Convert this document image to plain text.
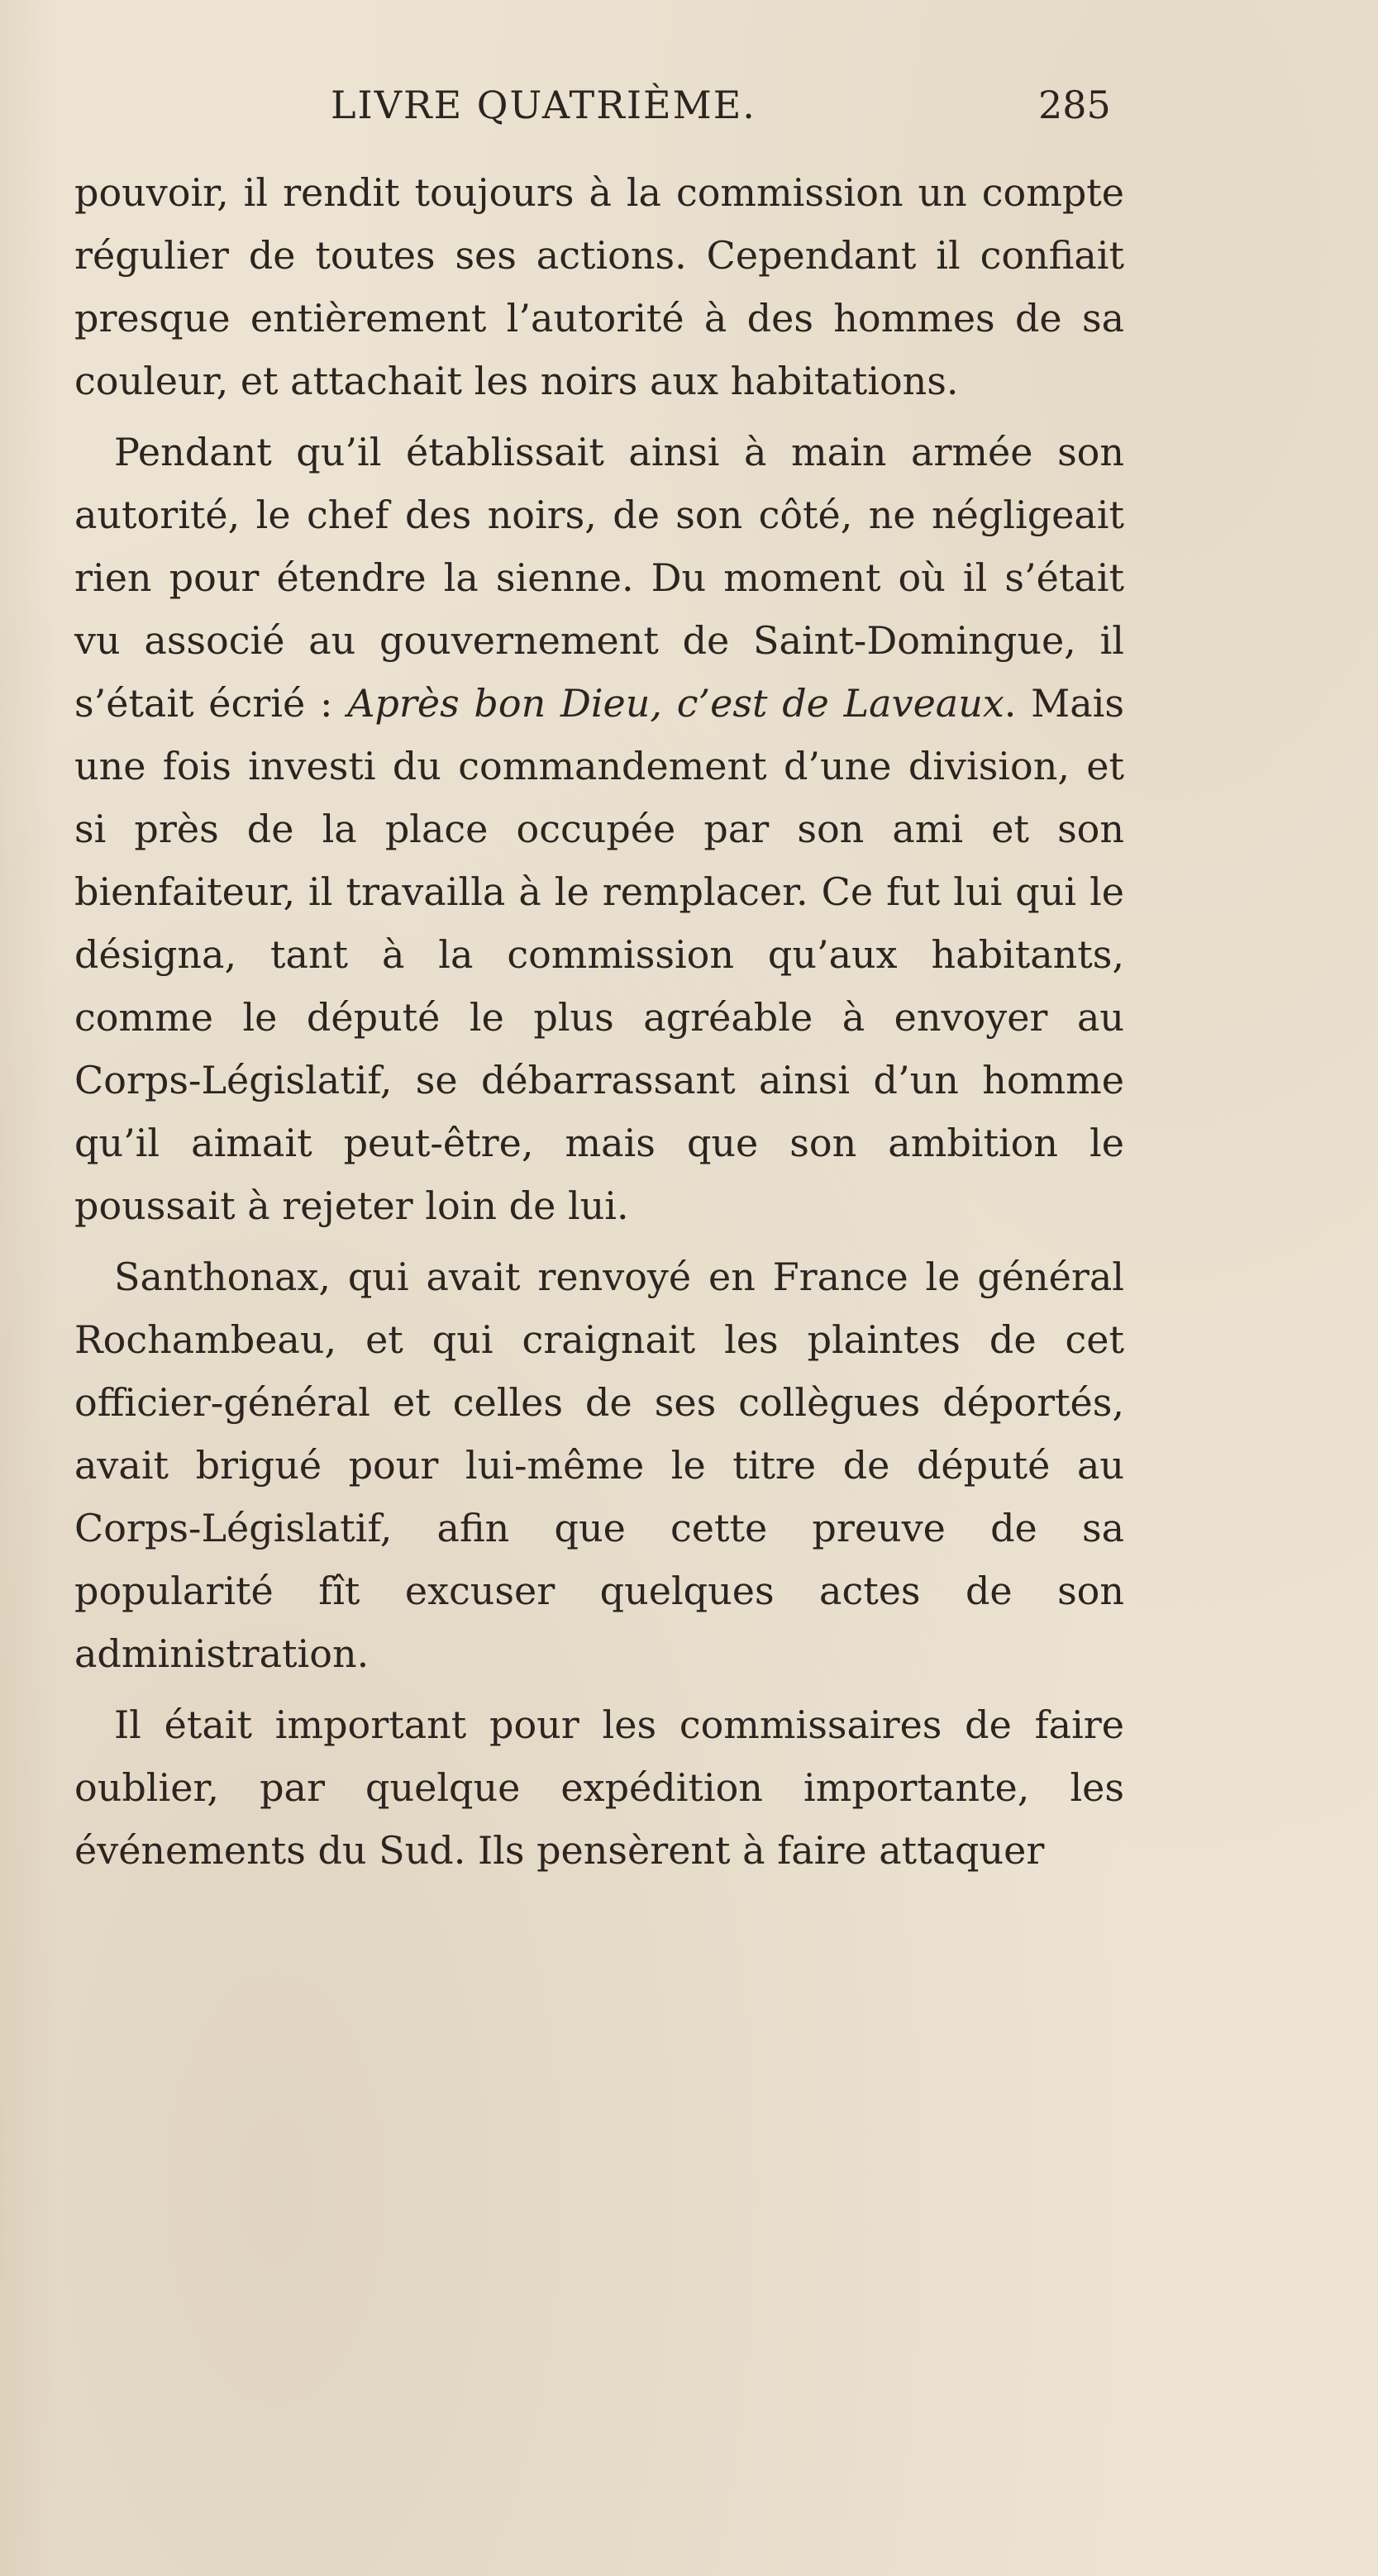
LIVRE QUATRIÈME.	285

pouvoir, il rendit toujours à la commission un compte régulier de toutes ses actions. Cependant il confiait presque entièrement l’autorité à des hommes de sa couleur, et attachait les noirs aux habitations.

Pendant qu’il établissait ainsi à main armée son autorité, le chef des noirs, de son côté, ne négligeait rien pour étendre la sienne. Du moment où il s’était vu associé au gouvernement de Saint-Domingue, il s’était écrié : Après bon Dieu, c’est de Laveaux. Mais une fois investi du commandement d’une division, et si près de la place occupée par son ami et son bienfaiteur, il travailla à le remplacer. Ce fut lui qui le désigna, tant à la commission qu’aux habitants, comme le député le plus agréable à envoyer au Corps-Législatif, se débarrassant ainsi d’un homme qu’il aimait peut-être, mais que son ambition le poussait à rejeter loin de lui.

Santhonax, qui avait renvoyé en France le général Rochambeau, et qui craignait les plaintes de cet officier-général et celles de ses collègues déportés, avait brigué pour lui-même le titre de député au Corps-Législatif, afin que cette preuve de sa popularité fît excuser quelques actes de son administration.

Il était important pour les commissaires de faire oublier, par quelque expédition importante, les événements du Sud. Ils pensèrent à faire attaquer
